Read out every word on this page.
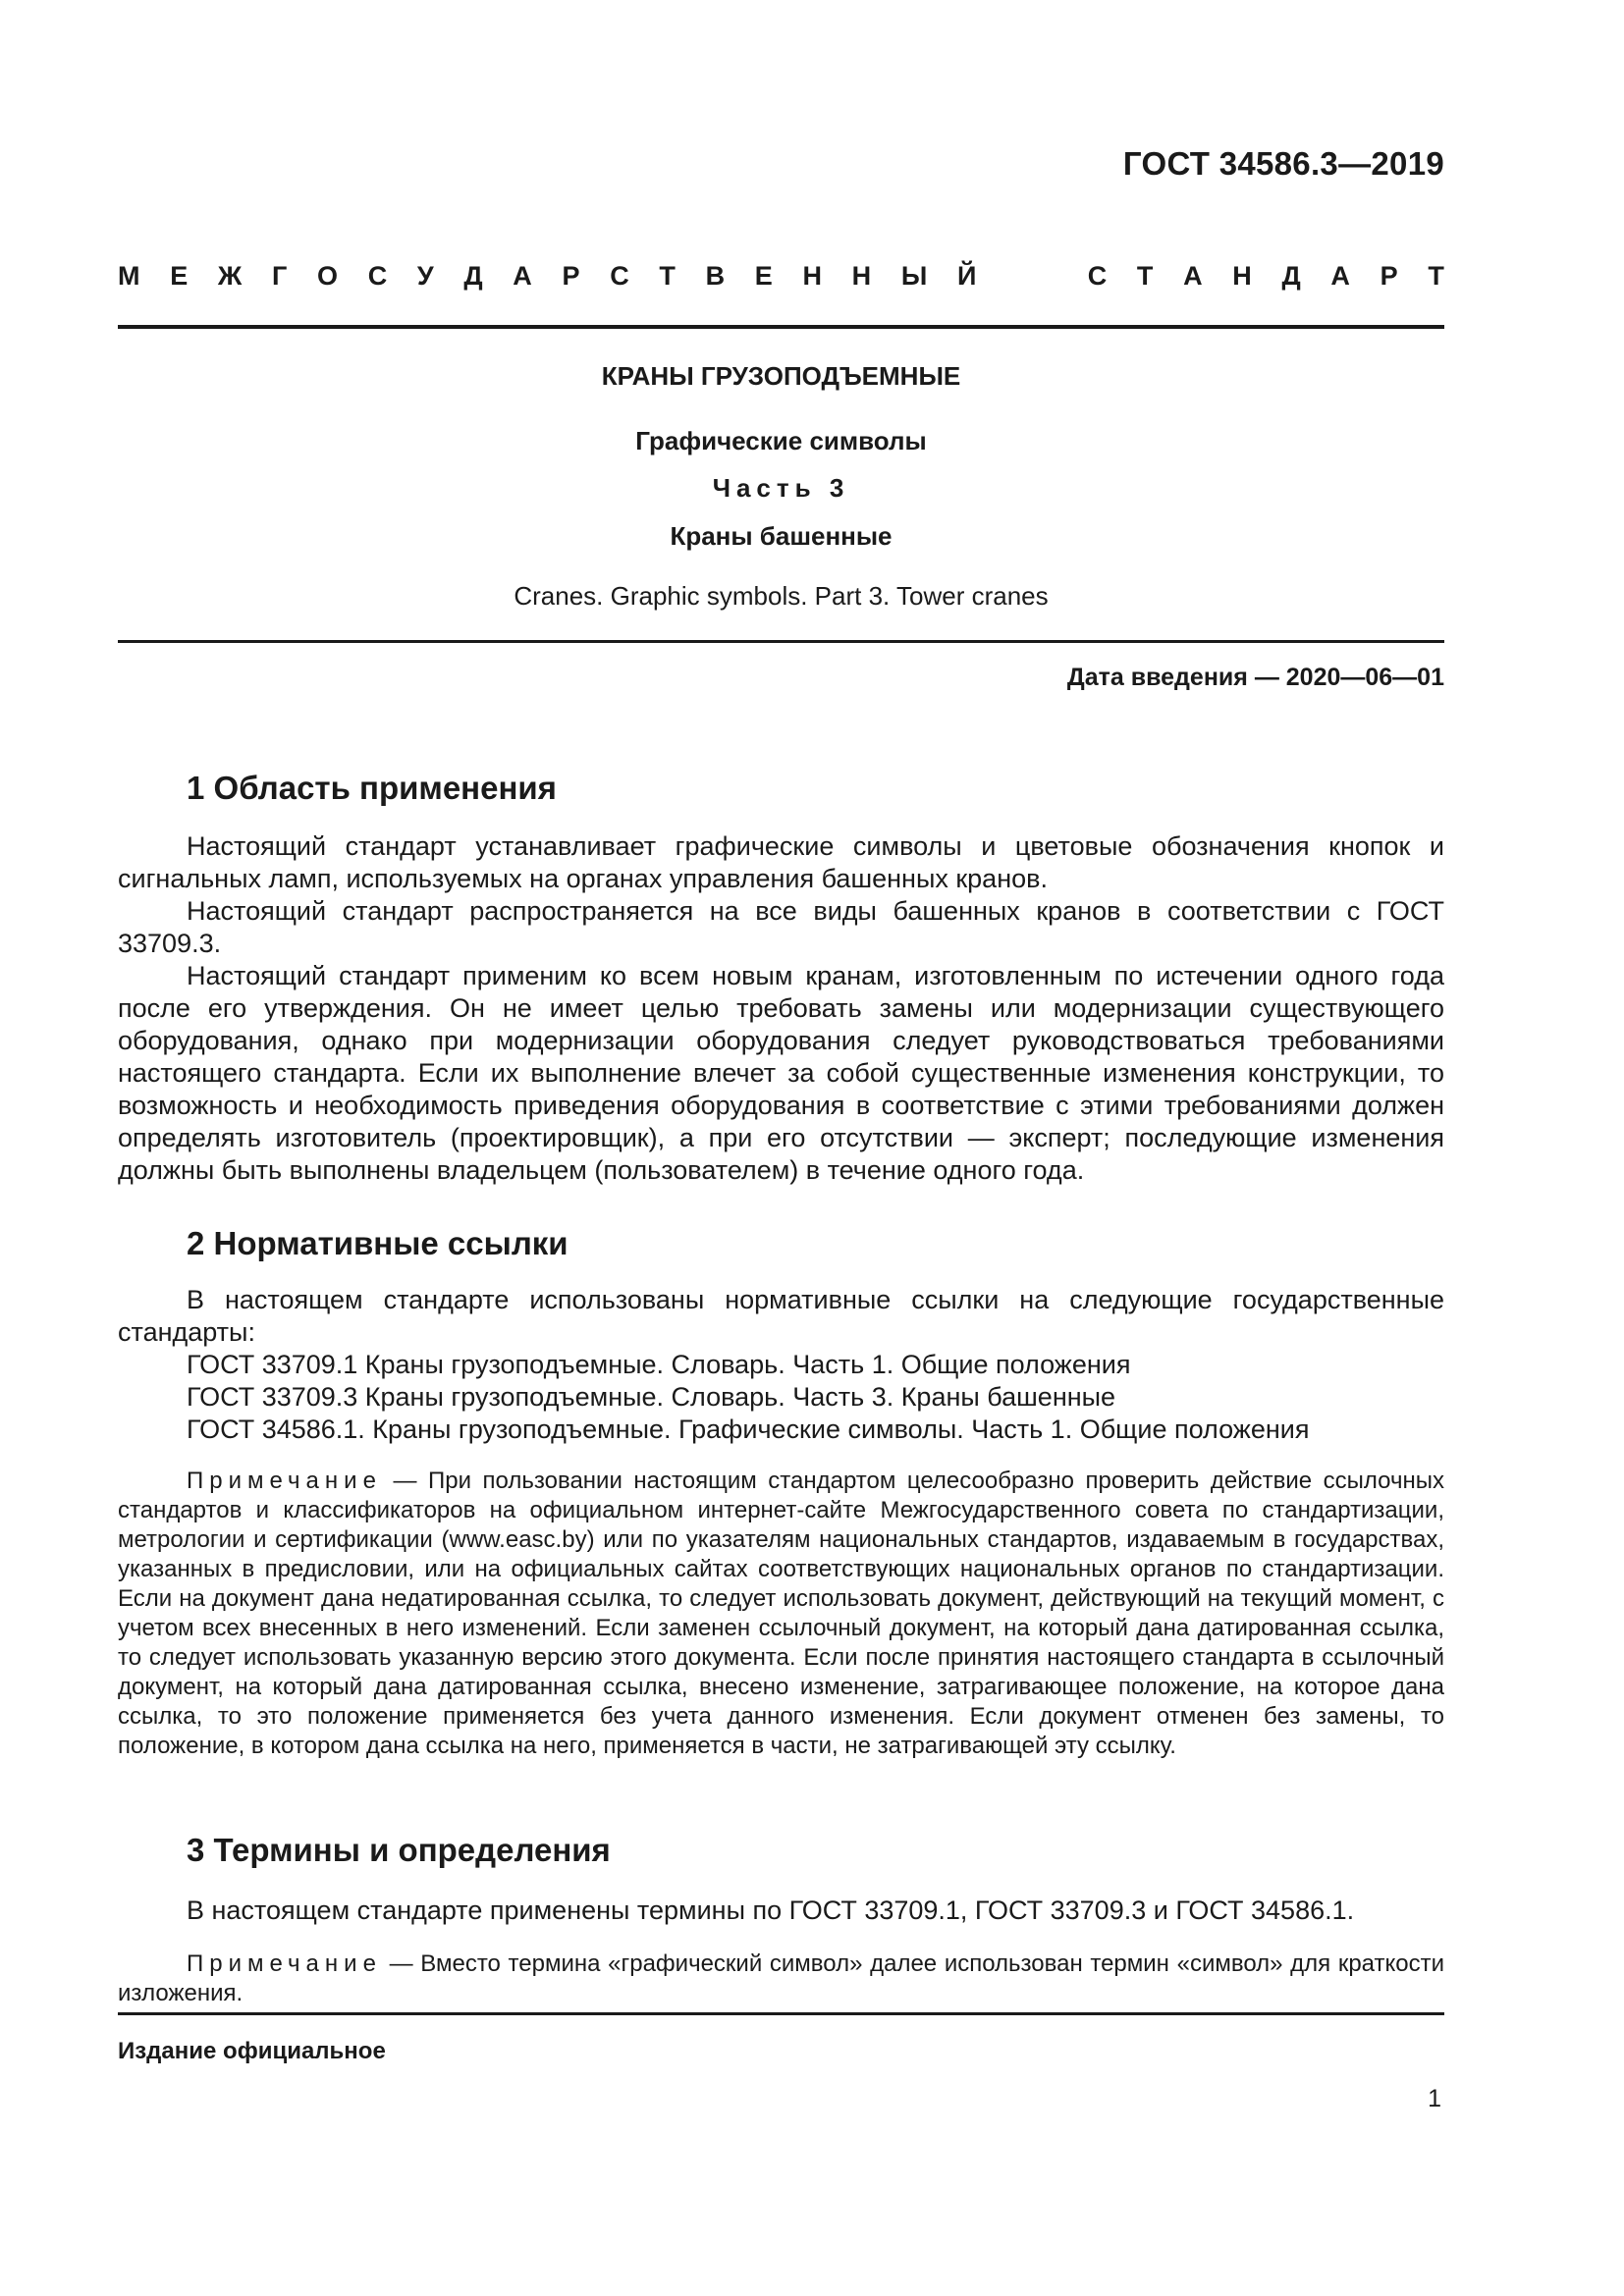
ГОСТ 34586.3—2019
М Е Ж Г О С У Д А Р С Т В Е Н Н Ы Й	С Т А Н Д А Р Т
КРАНЫ ГРУЗОПОДЪЕМНЫЕ
Графические символы
Часть 3
Краны башенные
Cranes. Graphic symbols. Part 3. Tower cranes
Дата введения — 2020—06—01
1 Область применения

Настоящий стандарт устанавливает графические символы и цветовые обозначения кнопок и сигнальных ламп, используемых на органах управления башенных кранов.

Настоящий стандарт распространяется на все виды башенных кранов в соответствии с ГОСТ 33709.3.

Настоящий стандарт применим ко всем новым кранам, изготовленным по истечении одного года после его утверждения. Он не имеет целью требовать замены или модернизации существующего оборудования, однако при модернизации оборудования следует руководствоваться требованиями настоящего стандарта. Если их выполнение влечет за собой существенные изменения конструкции, то возможность и необходимость приведения оборудования в соответствие с этими требованиями должен определять изготовитель (проектировщик), а при его отсутствии — эксперт; последующие изменения должны быть выполнены владельцем (пользователем) в течение одного года.

2 Нормативные ссылки

В настоящем стандарте использованы нормативные ссылки на следующие государственные стандарты:

ГОСТ 33709.1 Краны грузоподъемные. Словарь. Часть 1. Общие положения

ГОСТ 33709.3 Краны грузоподъемные. Словарь. Часть 3. Краны башенные

ГОСТ 34586.1. Краны грузоподъемные. Графические символы. Часть 1. Общие положения

Примечание — При пользовании настоящим стандартом целесообразно проверить действие ссылочных стандартов и классификаторов на официальном интернет-сайте Межгосударственного совета по стандартизации, метрологии и сертификации (www.easc.by) или по указателям национальных стандартов, издаваемым в государствах, указанных в предисловии, или на официальных сайтах соответствующих национальных органов по стандартизации. Если на документ дана недатированная ссылка, то следует использовать документ, действующий на текущий момент, с учетом всех внесенных в него изменений. Если заменен ссылочный документ, на который дана датированная ссылка, то следует использовать указанную версию этого документа. Если после принятия настоящего стандарта в ссылочный документ, на который дана датированная ссылка, внесено изменение, затрагивающее положение, на которое дана ссылка, то это положение применяется без учета данного изменения. Если документ отменен без замены, то положение, в котором дана ссылка на него, применяется в части, не затрагивающей эту ссылку.

3 Термины и определения

В настоящем стандарте применены термины по ГОСТ 33709.1, ГОСТ 33709.3 и ГОСТ 34586.1.

Примечание — Вместо термина «графический символ» далее использован термин «символ» для краткости изложения.

Издание официальное
1
